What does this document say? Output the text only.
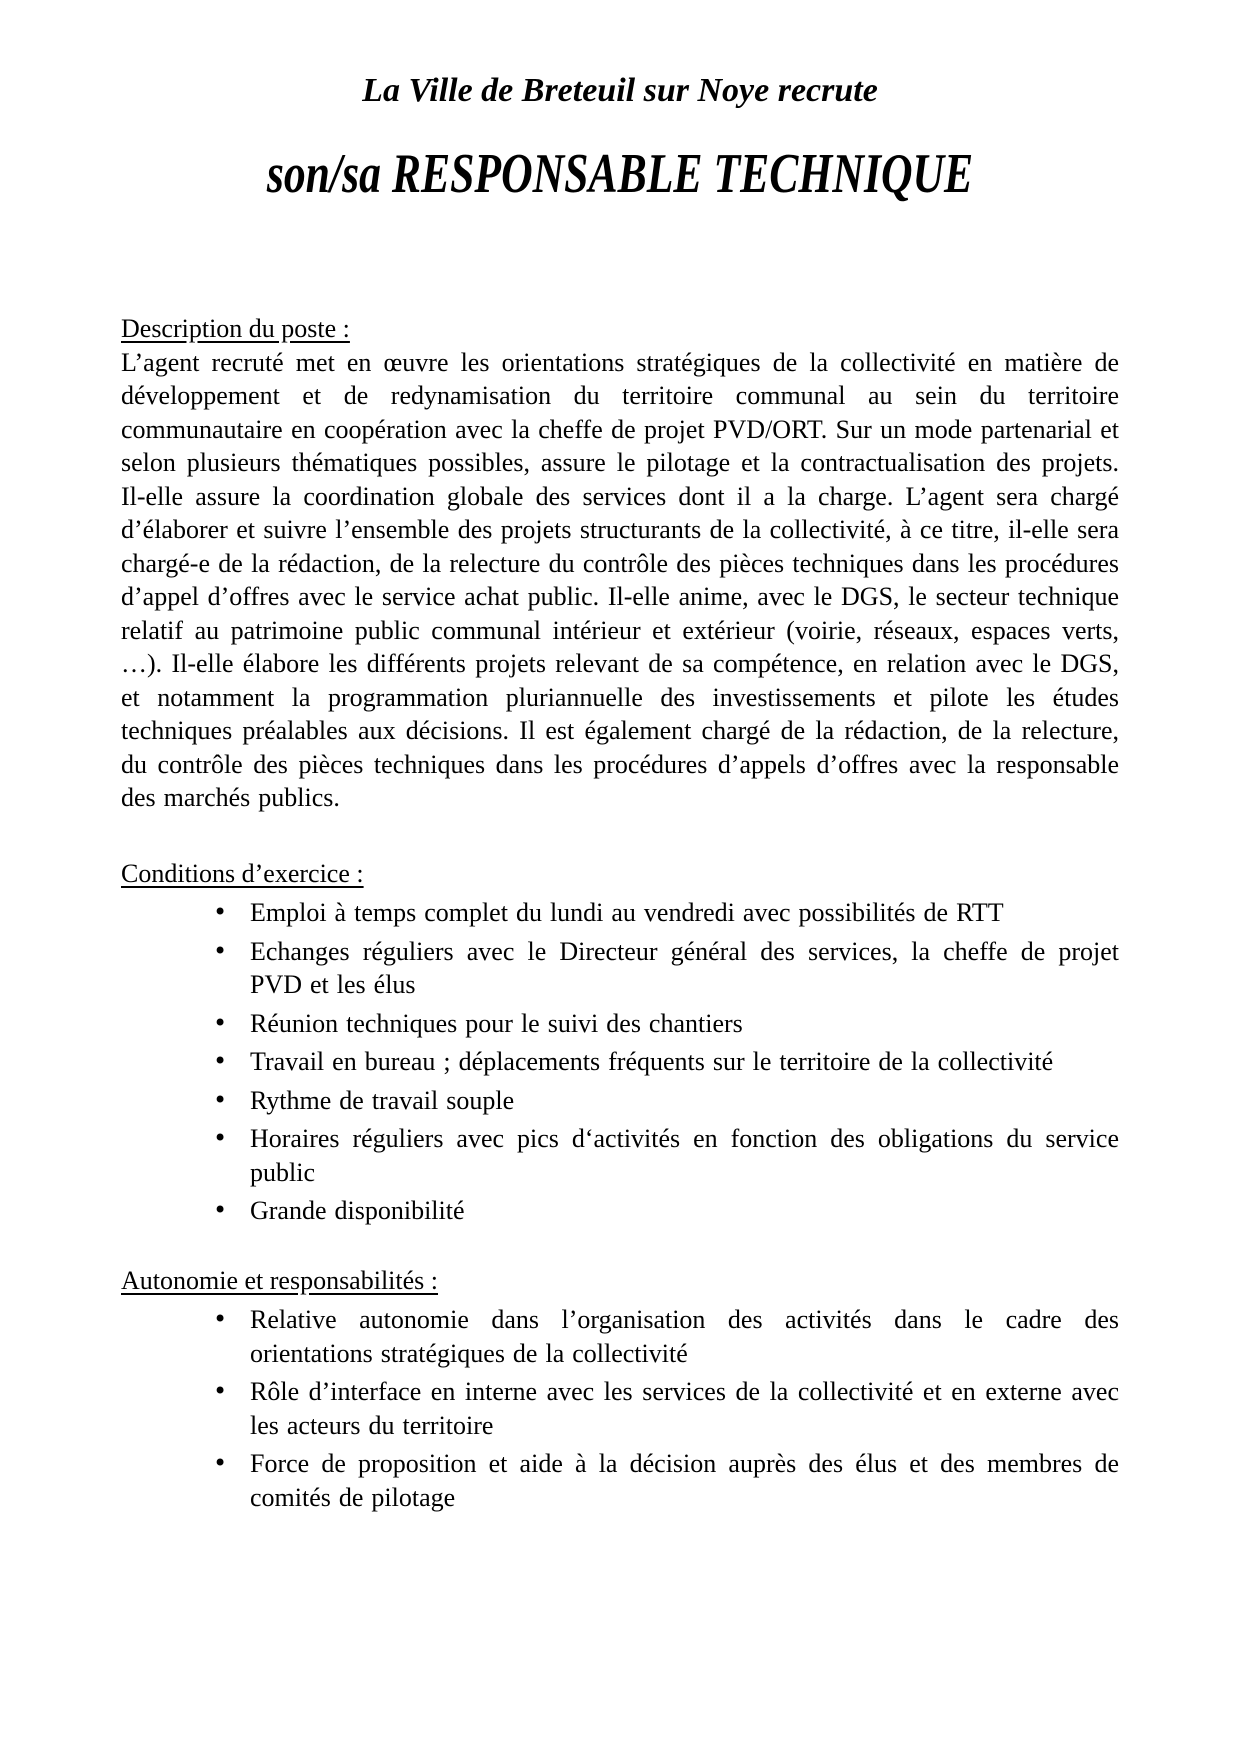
La Ville de Breteuil sur Noye recrute
son/sa RESPONSABLE TECHNIQUE
Description du poste :

L’agent recruté met en œuvre les orientations stratégiques de la collectivité en matière de développement et de redynamisation du territoire communal au sein du territoire communautaire en coopération avec la cheffe de projet PVD/ORT. Sur un mode partenarial et selon plusieurs thématiques possibles, assure le pilotage et la contractualisation des projets. Il-elle assure la coordination globale des services dont il a la charge. L’agent sera chargé d’élaborer et suivre l’ensemble des projets structurants de la collectivité, à ce titre, il-elle sera chargé-e de la rédaction, de la relecture du contrôle des pièces techniques dans les procédures d’appel d’offres avec le service achat public. Il-elle anime, avec le DGS, le secteur technique relatif au patrimoine public communal intérieur et extérieur (voirie, réseaux, espaces verts, …). Il-elle élabore les différents projets relevant de sa compétence, en relation avec le DGS, et notamment la programmation pluriannuelle des investissements et pilote les études techniques préalables aux décisions. Il est également chargé de la rédaction, de la relecture, du contrôle des pièces techniques dans les procédures d’appels d’offres avec la responsable des marchés publics.

Conditions d’exercice :
• Emploi à temps complet du lundi au vendredi avec possibilités de RTT
• Echanges réguliers avec le Directeur général des services, la cheffe de projet PVD et les élus
• Réunion techniques pour le suivi des chantiers
• Travail en bureau ; déplacements fréquents sur le territoire de la collectivité
• Rythme de travail souple
• Horaires réguliers avec pics d‘activités en fonction des obligations du service public
• Grande disponibilité
Autonomie et responsabilités :
• Relative autonomie dans l’organisation des activités dans le cadre des orientations stratégiques de la collectivité
• Rôle d’interface en interne avec les services de la collectivité et en externe avec les acteurs du territoire
• Force de proposition et aide à la décision auprès des élus et des membres de comités de pilotage
